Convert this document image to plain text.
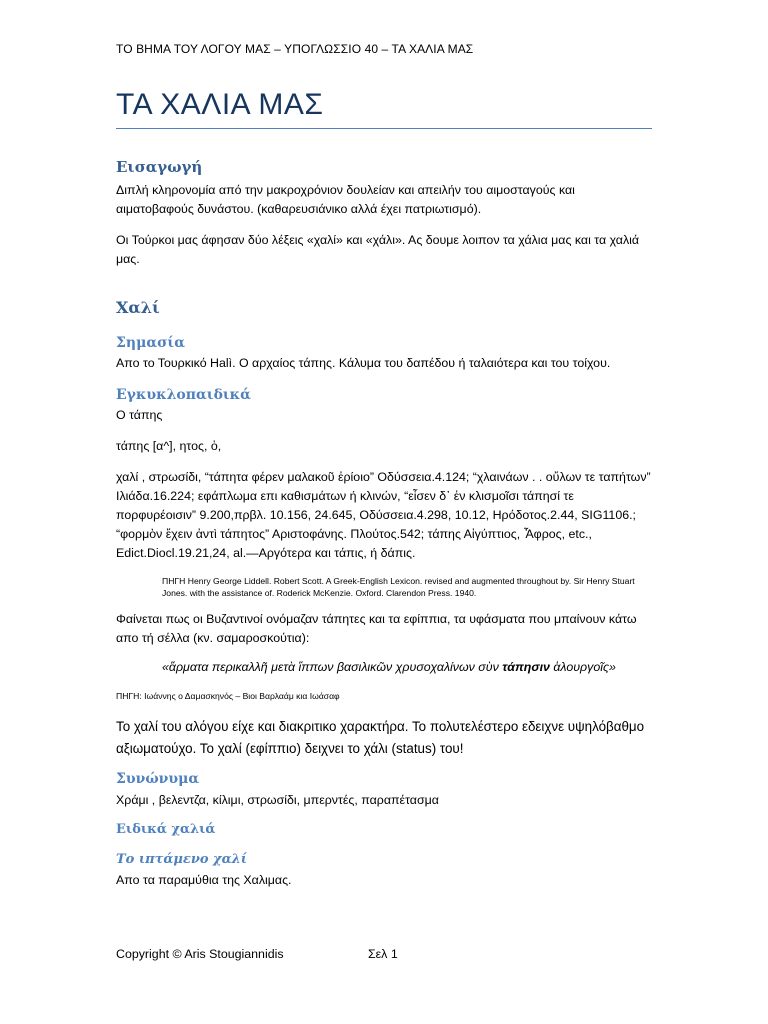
ΤΟ ΒΗΜΑ ΤΟΥ ΛΟΓΟΥ ΜΑΣ – ΥΠΟΓΛΩΣΣΙΟ 40 – ΤΑ ΧΑΛΙΑ ΜΑΣ
ΤΑ ΧΑΛΙΑ ΜΑΣ
Εισαγωγή
Διπλή κληρονομία από την μακροχρόνιον δουλείαν και απειλήν του αιμοσταγούς και αιματοβαφούς δυνάστου. (καθαρευσιάνικο αλλά έχει πατριωτισμό).
Οι Τούρκοι μας άφησαν δύο λέξεις «χαλί» και «χάλι». Ας δουμε λοιπον τα χάλια μας και τα χαλιά μας.
Χαλί
Σημασία
Απο το Τουρκικό Halì. Ο αρχαίος τάπης. Κάλυμα του δαπέδου ή ταλαιότερα και του τοίχου.
Εγκυκλοπαιδικά
Ο τάπης
τάπης [α^], ητος, ὁ,
χαλί , στρωσίδι, “τάπητα φέρεν μαλακοῦ ἐρίοιο” Οδύσσεια.4.124; “χλαινάων . . οὔλων τε ταπήτων” Ιλιάδα.16.224; εφάπλωμα επι καθισμάτων ή κλινών, “εἷσεν δ᾽ ἐν κλισμοῖσι τάπησί τε πορφυρέοισιν” 9.200,πρβλ. 10.156, 24.645, Οδύσσεια.4.298, 10.12, Ηρόδοτος.2.44, SIG1106.; “φορμὸν ἔχειν ἀντὶ τάπητος” Αριστοφάνης. Πλούτος.542; τάπης Αἰγύπτιος, Ἆφρος, etc., Edict.Diocl.19.21,24, al.—Αργότερα και τάπις, ή δάπις.
ΠΗΓΗ Henry George Liddell. Robert Scott. A Greek-English Lexicon. revised and augmented throughout by. Sir Henry Stuart Jones. with the assistance of. Roderick McKenzie. Oxford. Clarendon Press. 1940.
Φαίνεται πως οι Βυζαντινοί ονόμαζαν τάπητες και τα εφίππια, τα υφάσματα που μπαίνουν κάτω απο τή σέλλα (κν. σαμαροσκούτια):
«ἅρματα περικαλλῆ μετὰ ἵππων βασιλικῶν χρυσοχαλίνων σὺν τάπησιν ἁλουργοῖς»
ΠΗΓΗ: Ιωάννης ο Δαμασκηνός – Βιοι Βαρλαάμ κια Ιωάσαφ
Το χαλί του αλόγου είχε και διακριτικο χαρακτήρα. Το πολυτελέστερο εδειχνε υψηλόβαθμο αξιωματούχο. Το χαλί (εφίππιο) δειχνει το χάλι (status) του!
Συνώνυμα
Χράμι , βελεντζα, κίλιμι, στρωσίδι, μπερντές, παραπέτασμα
Ειδικά χαλιά
Το ιπτάμενο χαλί
Απο τα παραμύθια της Χαλιμας.
Copyright © Aris Stougiannidis	Σελ 1
